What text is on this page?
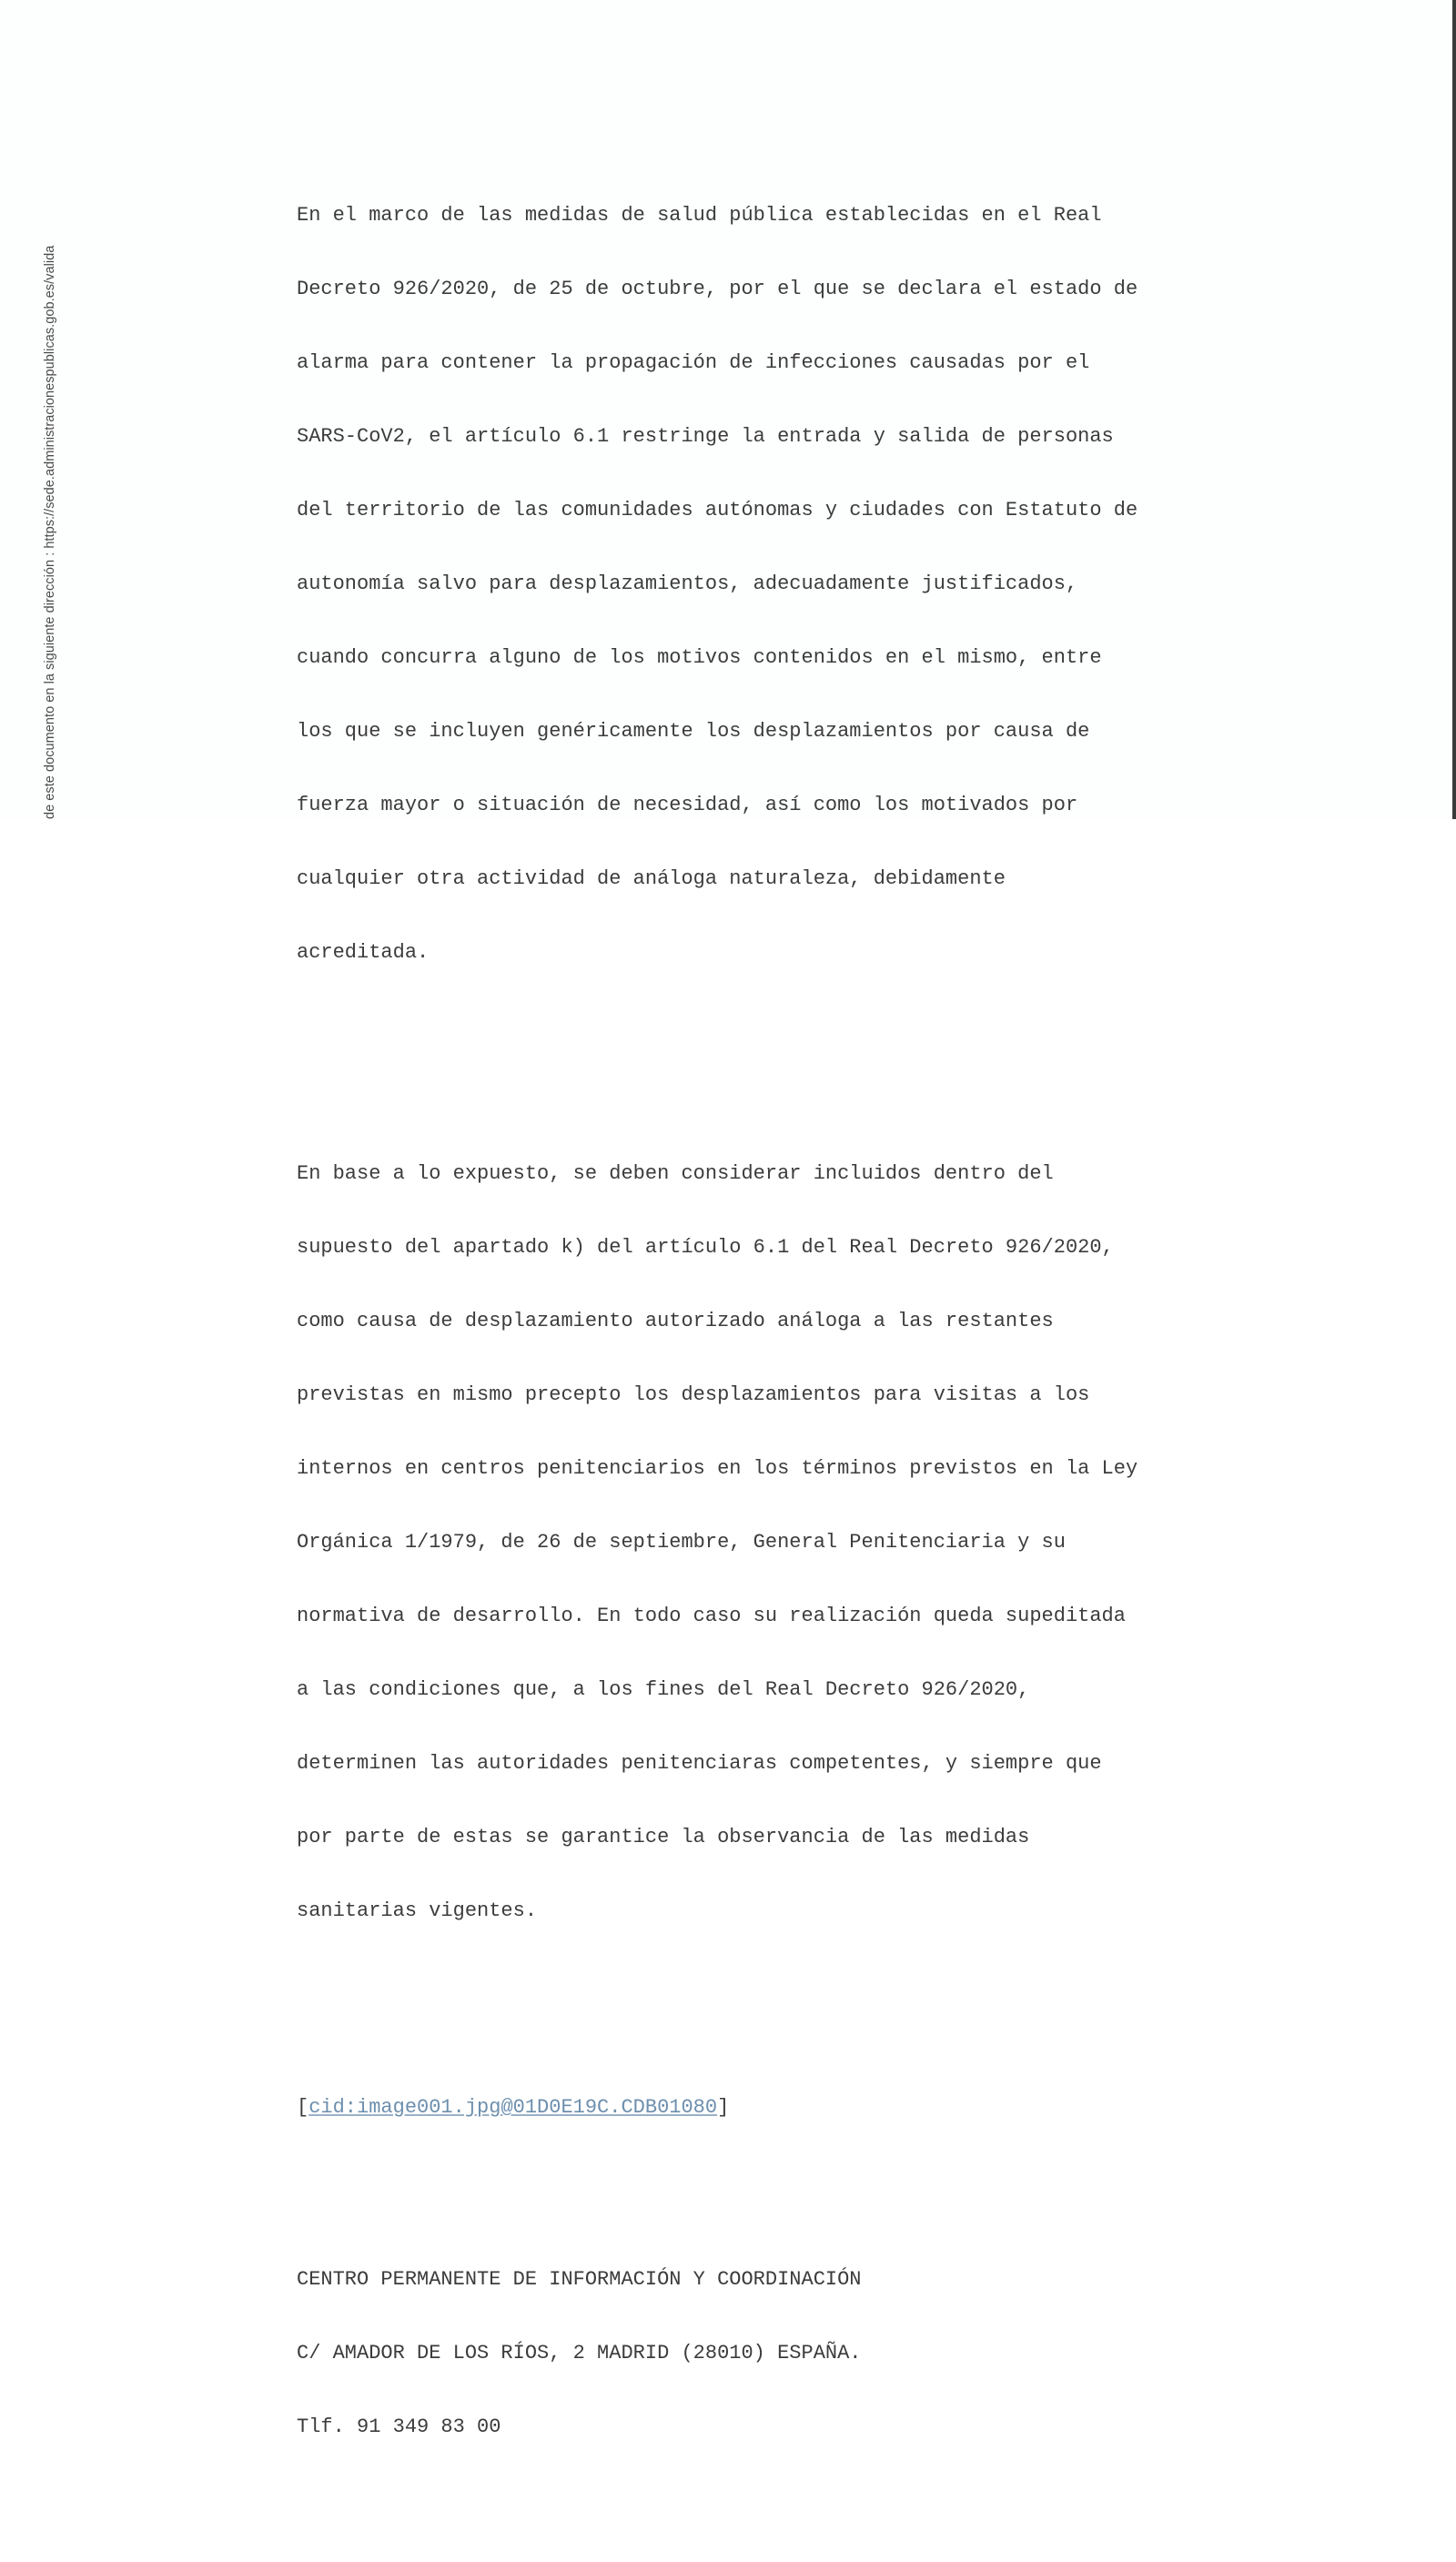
de este documento en la siguiente dirección : https://sede.administracionespublicas.gob.es/valida

En el marco de las medidas de salud pública establecidas en el Real

Decreto 926/2020, de 25 de octubre, por el que se declara el estado de

alarma para contener la propagación de infecciones causadas por el

SARS-CoV2, el artículo 6.1 restringe la entrada y salida de personas

del territorio de las comunidades autónomas y ciudades con Estatuto de

autonomía salvo para desplazamientos, adecuadamente justificados,

cuando concurra alguno de los motivos contenidos en el mismo, entre

los que se incluyen genéricamente los desplazamientos por causa de

fuerza mayor o situación de necesidad, así como los motivados por

cualquier otra actividad de análoga naturaleza, debidamente

acreditada.

En base a lo expuesto, se deben considerar incluidos dentro del

supuesto del apartado k) del artículo 6.1 del Real Decreto 926/2020,

como causa de desplazamiento autorizado análoga a las restantes

previstas en mismo precepto los desplazamientos para visitas a los

internos en centros penitenciarios en los términos previstos en la Ley

Orgánica 1/1979, de 26 de septiembre, General Penitenciaria y su

normativa de desarrollo. En todo caso su realización queda supeditada

a las condiciones que, a los fines del Real Decreto 926/2020,

determinen las autoridades penitenciaras competentes, y siempre que

por parte de estas se garantice la observancia de las medidas

sanitarias vigentes.

[cid:image001.jpg@01D0E19C.CDB01080]

CENTRO PERMANENTE DE INFORMACIÓN Y COORDINACIÓN

C/ AMADOR DE LOS RÍOS, 2 MADRID (28010) ESPAÑA.

Tlf. 91 349 83 00
